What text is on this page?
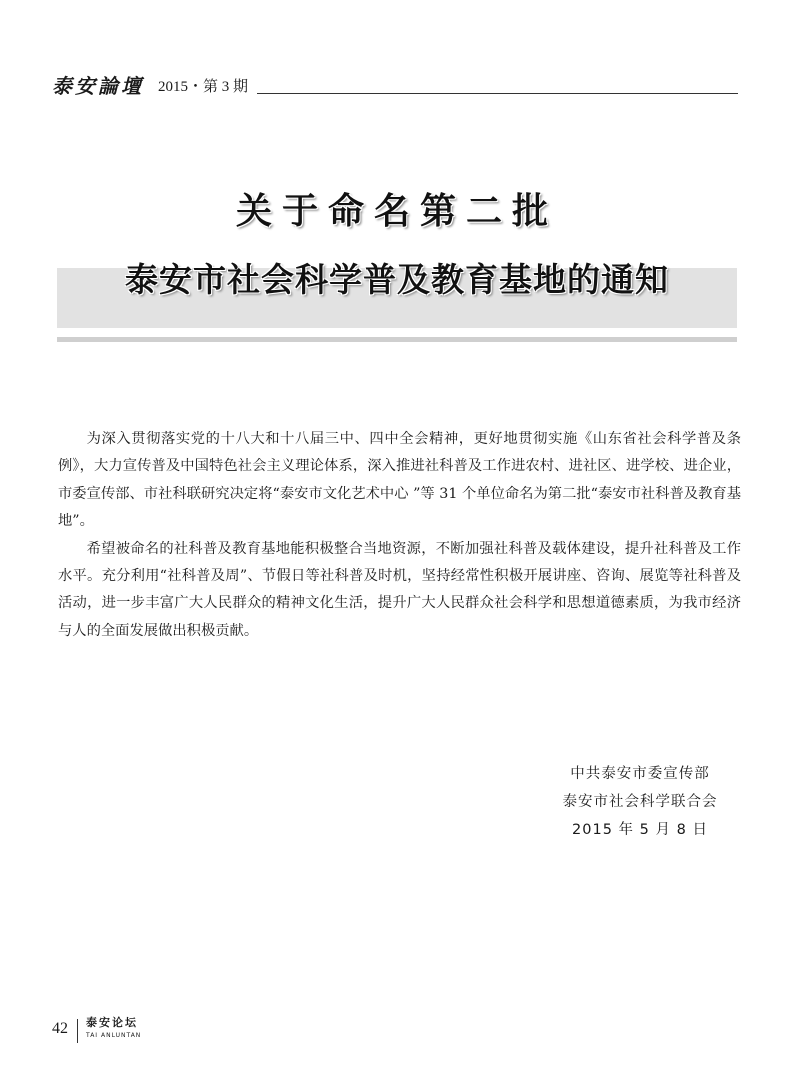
泰安論壇 2015・第 3 期
关于命名第二批
泰安市社会科学普及教育基地的通知

为深入贯彻落实党的十八大和十八届三中、四中全会精神，更好地贯彻实施《山东省社会科学普及条例》，大力宣传普及中国特色社会主义理论体系，深入推进社科普及工作进农村、进社区、进学校、进企业，市委宣传部、市社科联研究决定将“泰安市文化艺术中心 ”等 31 个单位命名为第二批“泰安市社科普及教育基地”。

希望被命名的社科普及教育基地能积极整合当地资源，不断加强社科普及载体建设，提升社科普及工作水平。充分利用“社科普及周”、节假日等社科普及时机，坚持经常性积极开展讲座、咨询、展览等社科普及活动，进一步丰富广大人民群众的精神文化生活，提升广大人民群众社会科学和思想道德素质，为我市经济与人的全面发展做出积极贡献。

中共泰安市委宣传部
泰安市社会科学联合会
2015 年 5 月 8 日
42 泰安论坛
TAI ANLUNTAN
